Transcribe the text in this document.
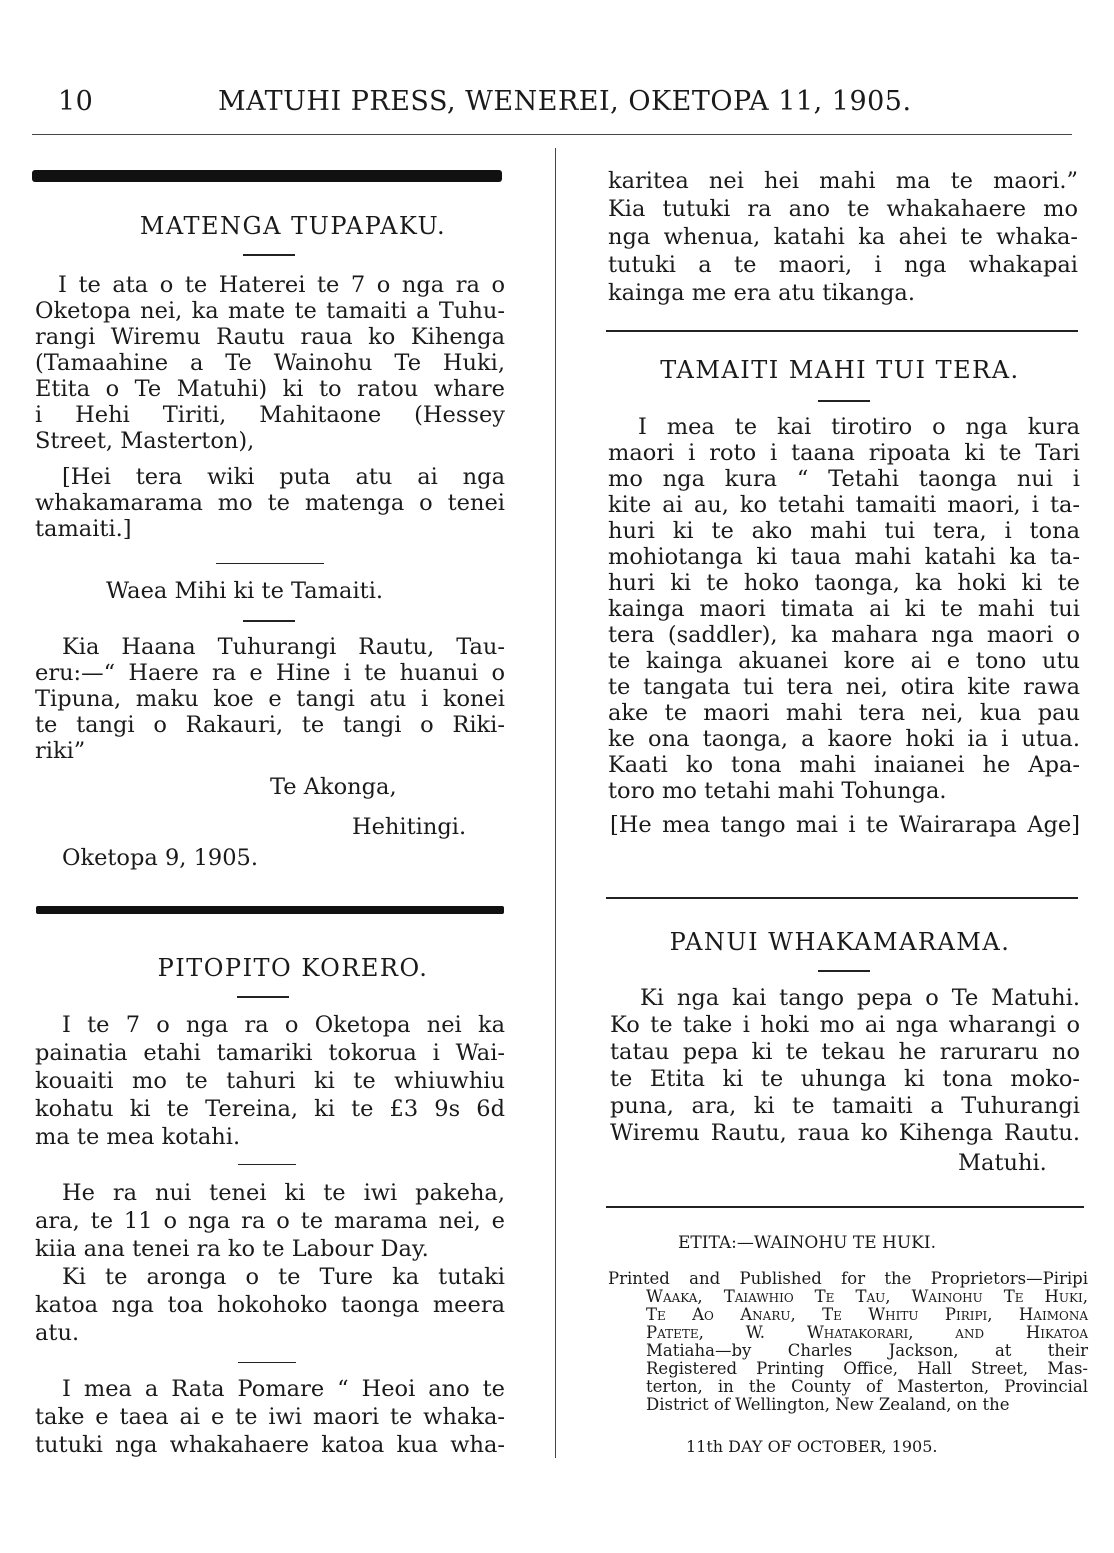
10	MATUHI PRESS, WENEREI, OKETOPA 11, 1905.
MATENGA TUPAPAKU.
I te ata o te Haterei te 7 o nga ra o
Oketopa nei, ka mate te tamaiti a Tuhu-
rangi Wiremu Rautu raua ko Kihenga
(Tamaahine a Te Wainohu Te Huki,
Etita o Te Matuhi) ki to ratou whare
i Hehi Tiriti, Mahitaone (Hessey
Street, Masterton),
[Hei tera wiki puta atu ai nga
whakamarama mo te matenga o tenei
tamaiti.]
Waea Mihi ki te Tamaiti.
Kia Haana Tuhurangi Rautu, Tau-
eru:—“ Haere ra e Hine i te huanui o
Tipuna, maku koe e tangi atu i konei
te tangi o Rakauri, te tangi o Riki-
riki”
Te Akonga,
Hehitingi.
Oketopa 9, 1905.
PITOPITO KORERO.
I te 7 o nga ra o Oketopa nei ka
painatia etahi tamariki tokorua i Wai-
kouaiti mo te tahuri ki te whiuwhiu
kohatu ki te Tereina, ki te £3 9s 6d
ma te mea kotahi.
He ra nui tenei ki te iwi pakeha,
ara, te 11 o nga ra o te marama nei, e
kiia ana tenei ra ko te Labour Day.
Ki te aronga o te Ture ka tutaki
katoa nga toa hokohoko taonga meera
atu.
I mea a Rata Pomare “ Heoi ano te
take e taea ai e te iwi maori te whaka-
tutuki nga whakahaere katoa kua wha-
karitea nei hei mahi ma te maori.”
Kia tutuki ra ano te whakahaere mo
nga whenua, katahi ka ahei te whaka-
tutuki a te maori, i nga whakapai
kainga me era atu tikanga.
TAMAITI MAHI TUI TERA.
I mea te kai tirotiro o nga kura
maori i roto i taana ripoata ki te Tari
mo nga kura “ Tetahi taonga nui i
kite ai au, ko tetahi tamaiti maori, i ta-
huri ki te ako mahi tui tera, i tona
mohiotanga ki taua mahi katahi ka ta-
huri ki te hoko taonga, ka hoki ki te
kainga maori timata ai ki te mahi tui
tera (saddler), ka mahara nga maori o
te kainga akuanei kore ai e tono utu
te tangata tui tera nei, otira kite rawa
ake te maori mahi tera nei, kua pau
ke ona taonga, a kaore hoki ia i utua.
Kaati ko tona mahi inaianei he Apa-
toro mo tetahi mahi Tohunga.
[He mea tango mai i te Wairarapa Age]
PANUI WHAKAMARAMA.
Ki nga kai tango pepa o Te Matuhi.
Ko te take i hoki mo ai nga wharangi o
tatau pepa ki te tekau he raruraru no
te Etita ki te uhunga ki tona moko-
puna, ara, ki te tamaiti a Tuhurangi
Wiremu Rautu, raua ko Kihenga Rautu.
Matuhi.
ETITA:—WAINOHU TE HUKI.
Printed and Published for the Proprietors—Piripi
Waaka, Taiawhio Te Tau, Wainohu Te Huki,
Te Ao Anaru, Te Whitu Piripi, Haimona
Patete, W. Whatakorari, and Hikatoa
Matiaha—by Charles Jackson, at their
Registered Printing Office, Hall Street, Mas-
terton, in the County of Masterton, Provincial
District of Wellington, New Zealand, on the
11th DAY OF OCTOBER, 1905.
